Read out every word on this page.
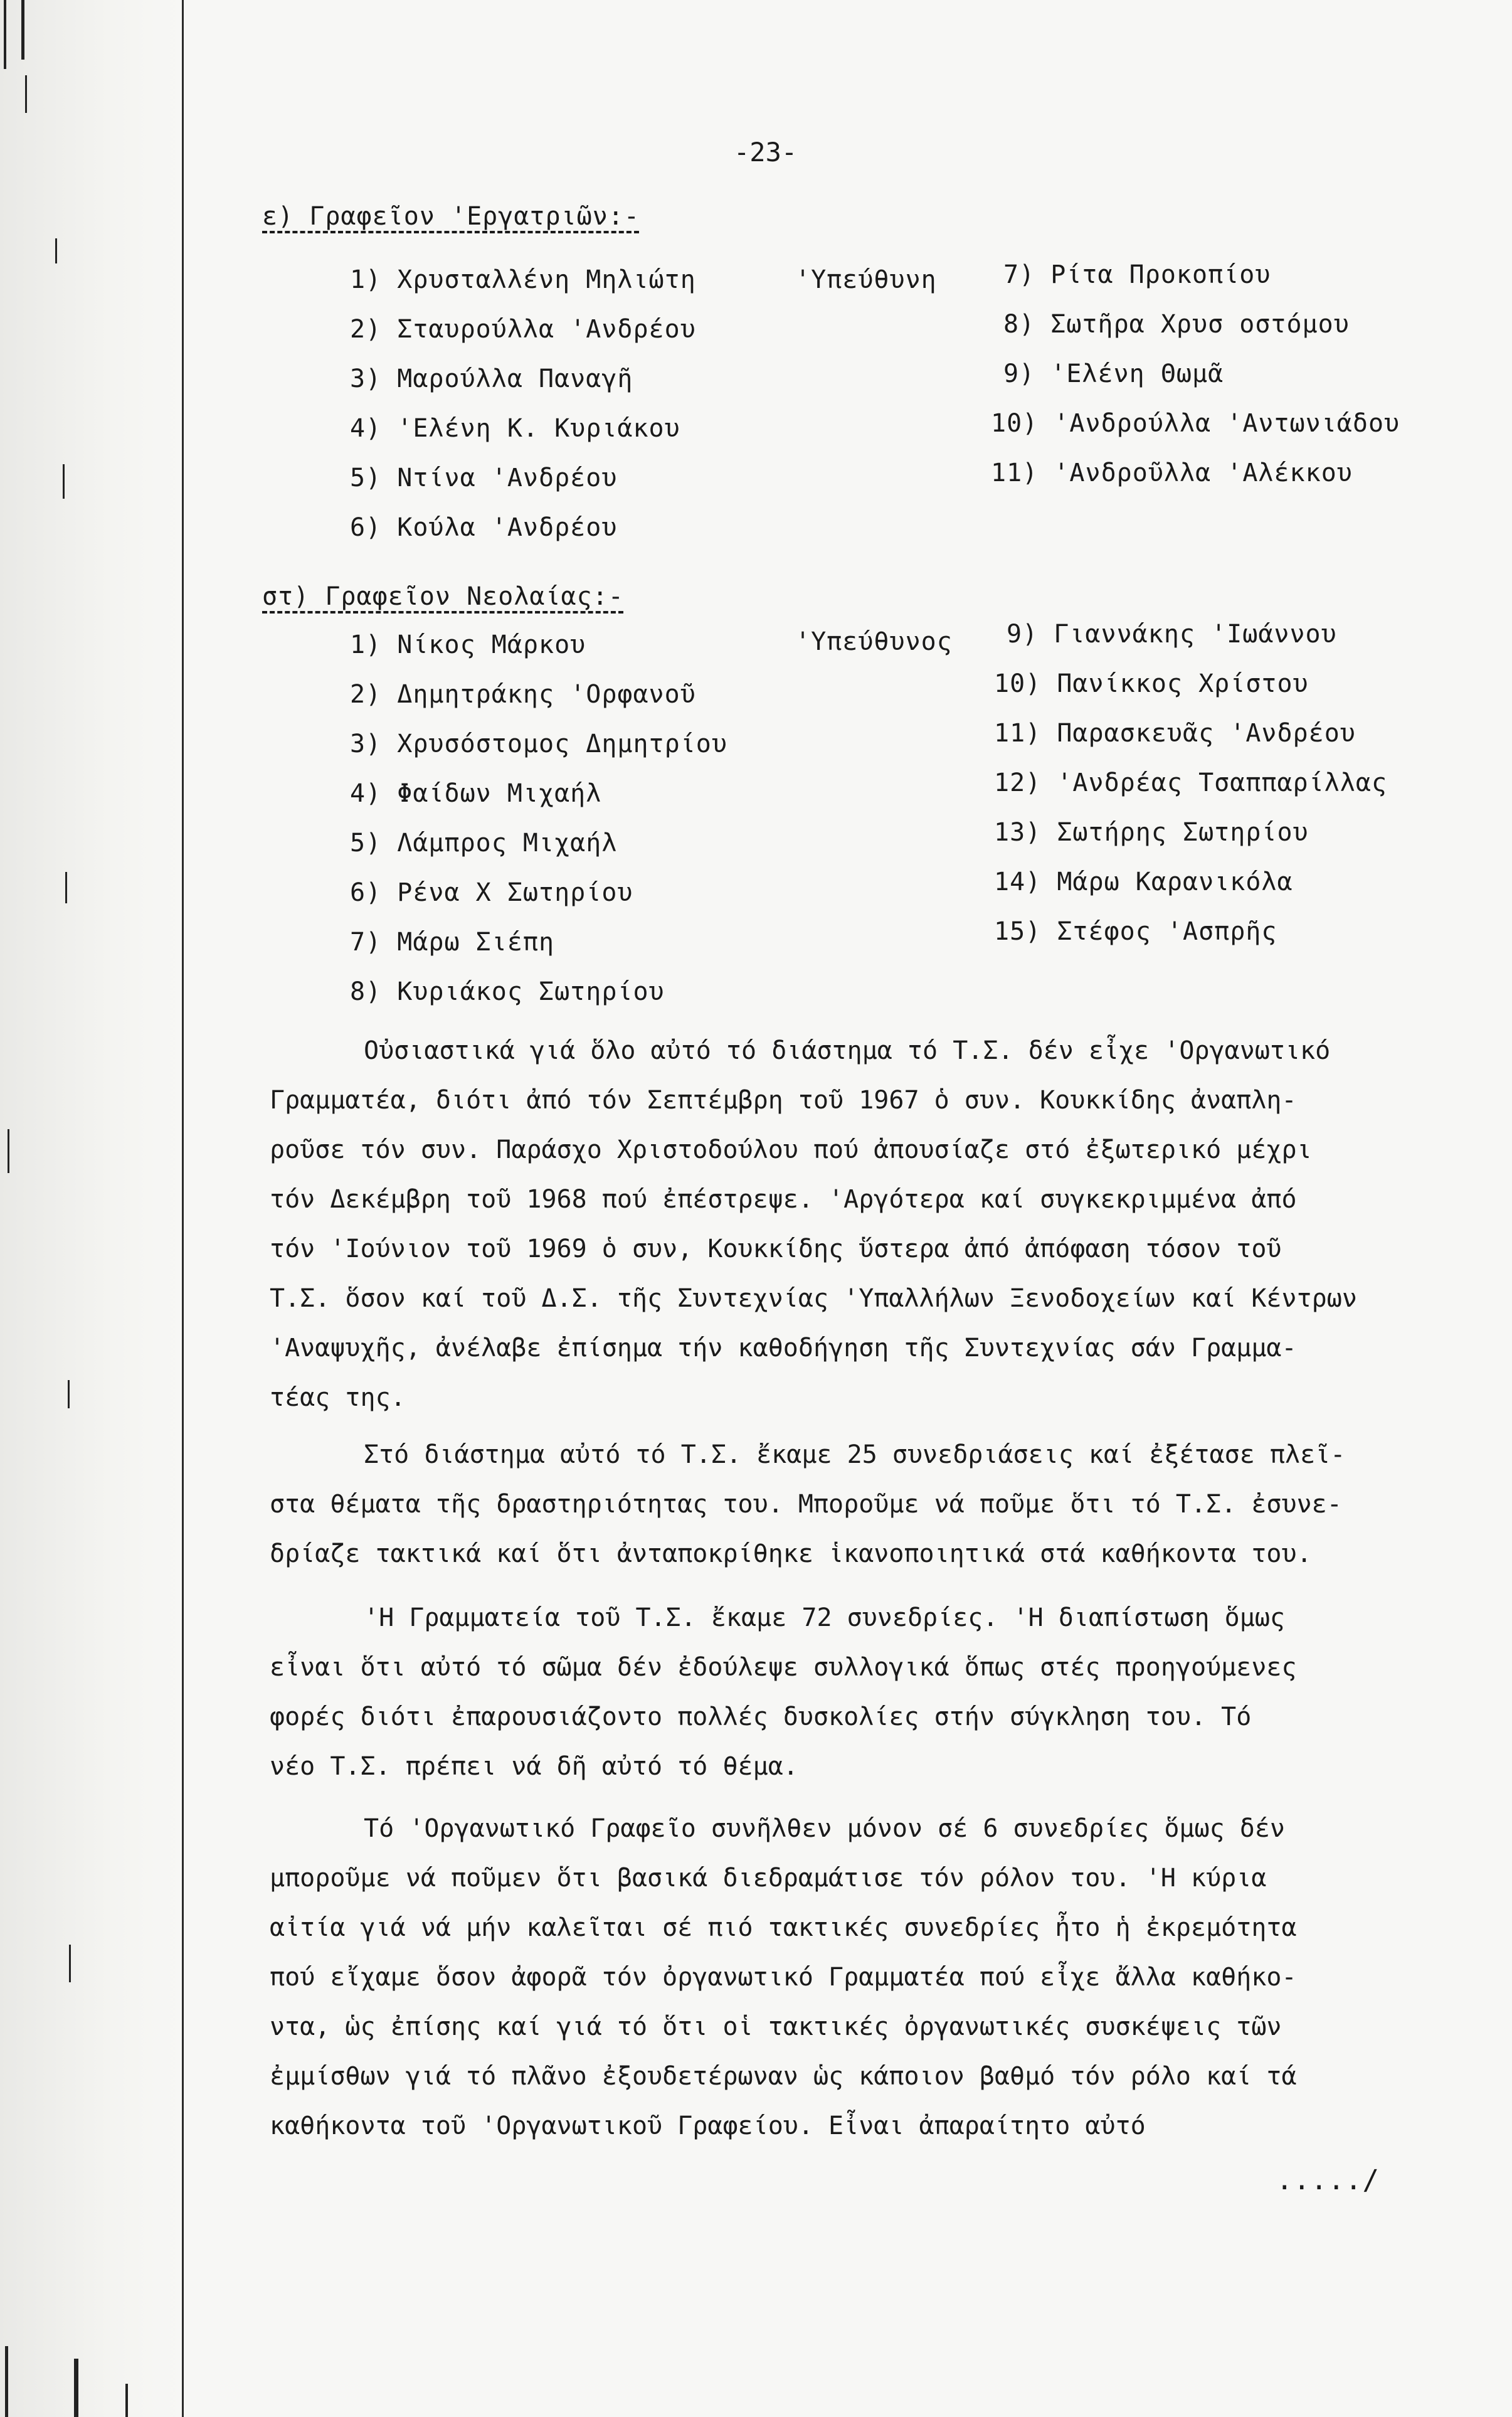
-23-
ε) Γραφεῖον 'Εργατριῶν:-
'Υπεύθυνη
1) Χρυσταλλένη Μηλιώτη
2) Σταυρούλλα 'Ανδρέου
3) Μαρούλλα Παναγῆ
4) 'Ελένη Κ. Κυριάκου
5) Ντίνα 'Ανδρέου
6) Κούλα 'Ανδρέου
7) Ρίτα Προκοπίου
8) Σωτῆρα Χρυσ οστόμου
9) 'Ελένη Θωμᾶ
10) 'Ανδρούλλα 'Αντωνιάδου
11) 'Ανδροῦλλα 'Αλέκκου
στ) Γραφεῖον Νεολαίας:-
'Υπεύθυνος
1) Νίκος Μάρκου
2) Δημητράκης 'Ορφανοῦ
3) Χρυσόστομος Δημητρίου
4) Φαίδων Μιχαήλ
5) Λάμπρος Μιχαήλ
6) Ρένα Χ Σωτηρίου
7) Μάρω Σιέπη
8) Κυριάκος Σωτηρίου
9) Γιαννάκης 'Ιωάννου
10) Πανίκκος Χρίστου
11) Παρασκευᾶς 'Ανδρέου
12) 'Ανδρέας Τσαππαρίλλας
13) Σωτήρης Σωτηρίου
14) Μάρω Καρανικόλα
15) Στέφος 'Ασπρῆς
Οὐσιαστικά γιά ὅλο αὐτό τό διάστημα τό Τ.Σ. δέν εἶχε 'Οργανωτικό
Γραμματέα, διότι ἀπό τόν Σεπτέμβρη τοῦ 1967 ὁ συν. Κουκκίδης ἀναπλη-
ροῦσε τόν συν. Παράσχο Χριστοδούλου πού ἀπουσίαζε στό ἐξωτερικό μέχρι
τόν Δεκέμβρη τοῦ 1968 πού ἐπέστρεψε. 'Αργότερα καί συγκεκριμμένα ἀπό
τόν 'Ιούνιον τοῦ 1969 ὁ συν, Κουκκίδης ὕστερα ἀπό ἀπόφαση τόσον τοῦ
Τ.Σ. ὅσον καί τοῦ Δ.Σ. τῆς Συντεχνίας 'Υπαλλήλων Ξενοδοχείων καί Κέντρων
'Αναψυχῆς, ἀνέλαβε ἐπίσημα τήν καθοδήγηση τῆς Συντεχνίας σάν Γραμμα-
τέας της.
Στό διάστημα αὐτό τό Τ.Σ. ἔκαμε 25 συνεδριάσεις καί ἐξέτασε πλεῖ-
στα θέματα τῆς δραστηριότητας του. Μποροῦμε νά ποῦμε ὅτι τό Τ.Σ. ἐσυνε-
δρίαζε τακτικά καί ὅτι ἀνταποκρίθηκε ἱκανοποιητικά στά καθήκοντα του.
'Η Γραμματεία τοῦ Τ.Σ. ἔκαμε 72 συνεδρίες. 'Η διαπίστωση ὅμως
εἶναι ὅτι αὐτό τό σῶμα δέν ἐδούλεψε συλλογικά ὅπως στές προηγούμενες
φορές διότι ἐπαρουσιάζοντο πολλές δυσκολίες στήν σύγκληση του. Τό
νέο Τ.Σ. πρέπει νά δῆ αὐτό τό θέμα.
Τό 'Οργανωτικό Γραφεῖο συνῆλθεν μόνον σέ 6 συνεδρίες ὅμως δέν
μποροῦμε νά ποῦμεν ὅτι βασικά διεδραμάτισε τόν ρόλον του. 'Η κύρια
αἰτία γιά νά μήν καλεῖται σέ πιό τακτικές συνεδρίες ἦτο ἡ ἐκρεμότητα
πού εἴχαμε ὅσον ἀφορᾶ τόν ὀργανωτικό Γραμματέα πού εἶχε ἄλλα καθήκο-
ντα, ὡς ἐπίσης καί γιά τό ὅτι οἱ τακτικές ὀργανωτικές συσκέψεις τῶν
ἐμμίσθων γιά τό πλᾶνο ἐξουδετέρωναν ὡς κάποιον βαθμό τόν ρόλο καί τά
καθήκοντα τοῦ 'Οργανωτικοῦ Γραφείου. Εἶναι ἀπαραίτητο αὐτό
.....∕
